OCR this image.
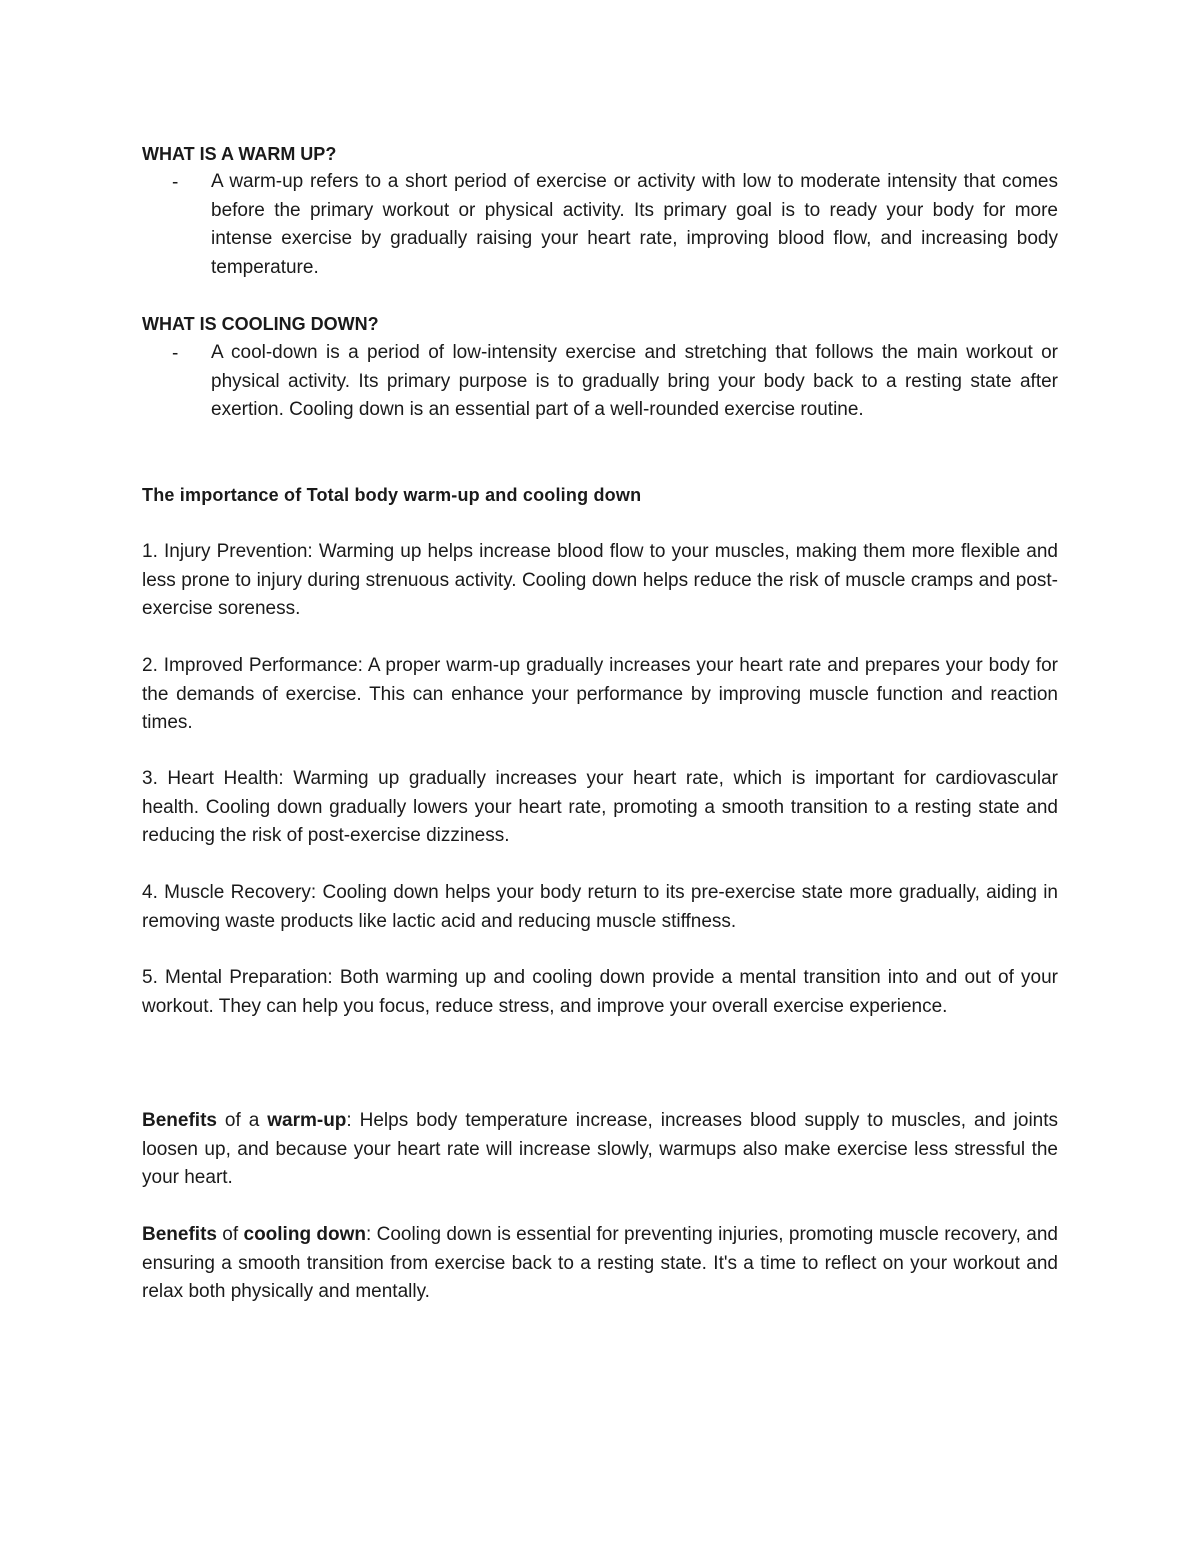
WHAT IS A WARM UP?
- A warm-up refers to a short period of exercise or activity with low to moderate intensity that comes before the primary workout or physical activity. Its primary goal is to ready your body for more intense exercise by gradually raising your heart rate, improving blood flow, and increasing body temperature.
WHAT IS COOLING DOWN?
- A cool-down is a period of low-intensity exercise and stretching that follows the main workout or physical activity. Its primary purpose is to gradually bring your body back to a resting state after exertion. Cooling down is an essential part of a well-rounded exercise routine.
The importance of Total body warm-up and cooling down
1. Injury Prevention: Warming up helps increase blood flow to your muscles, making them more flexible and less prone to injury during strenuous activity. Cooling down helps reduce the risk of muscle cramps and post-exercise soreness.
2. Improved Performance: A proper warm-up gradually increases your heart rate and prepares your body for the demands of exercise. This can enhance your performance by improving muscle function and reaction times.
3. Heart Health: Warming up gradually increases your heart rate, which is important for cardiovascular health. Cooling down gradually lowers your heart rate, promoting a smooth transition to a resting state and reducing the risk of post-exercise dizziness.
4. Muscle Recovery: Cooling down helps your body return to its pre-exercise state more gradually, aiding in removing waste products like lactic acid and reducing muscle stiffness.
5. Mental Preparation: Both warming up and cooling down provide a mental transition into and out of your workout. They can help you focus, reduce stress, and improve your overall exercise experience.
Benefits of a warm-up: Helps body temperature increase, increases blood supply to muscles, and joints loosen up, and because your heart rate will increase slowly, warmups also make exercise less stressful the your heart.
Benefits of cooling down: Cooling down is essential for preventing injuries, promoting muscle recovery, and ensuring a smooth transition from exercise back to a resting state. It's a time to reflect on your workout and relax both physically and mentally.
